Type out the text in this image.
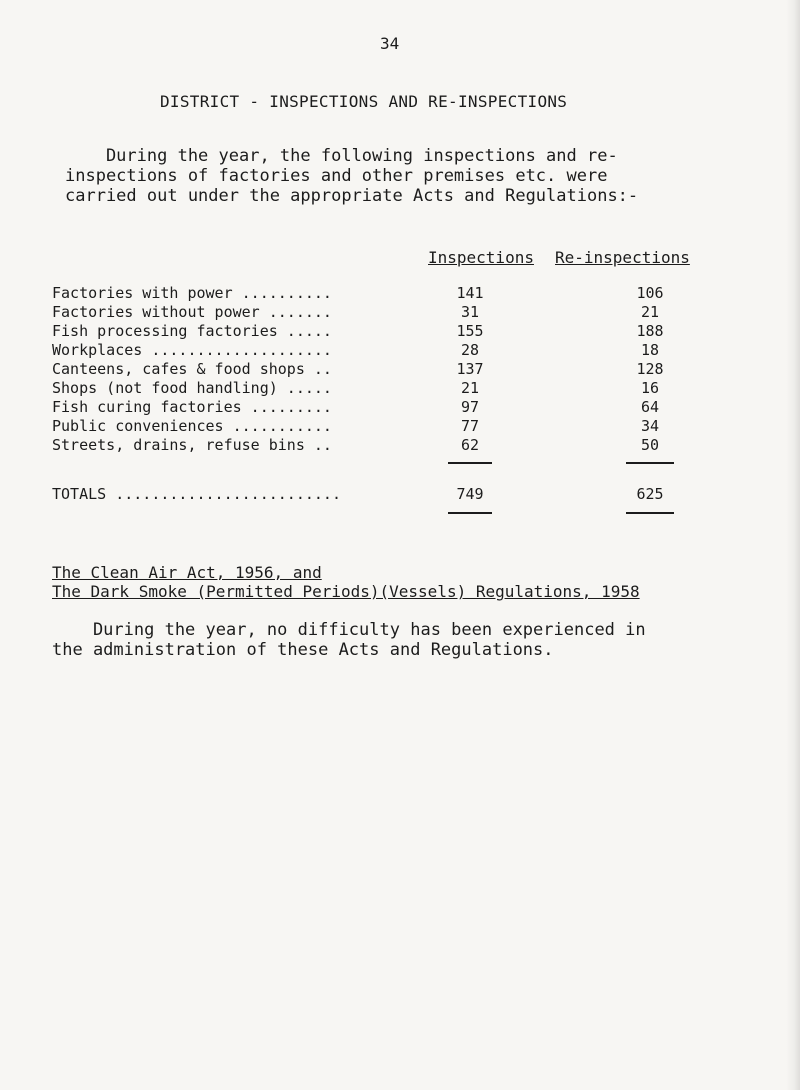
34
DISTRICT - INSPECTIONS AND RE-INSPECTIONS
During the year, the following inspections and re-
inspections of factories and other premises etc. were
carried out under the appropriate Acts and Regulations:-
Inspections Re-inspections
Factories with power ..........	141	106
Factories without power .......	31	21
Fish processing factories .....	155	188
Workplaces ....................	28	18
Canteens, cafes & food shops ..	137	128
Shops (not food handling) .....	21	16
Fish curing factories .........	97	64
Public conveniences ...........	77	34
Streets, drains, refuse bins ..	62	50
TOTALS .........................	749	625
The Clean Air Act, 1956, and
The Dark Smoke (Permitted Periods)(Vessels) Regulations, 1958
During the year, no difficulty has been experienced in
the administration of these Acts and Regulations.
